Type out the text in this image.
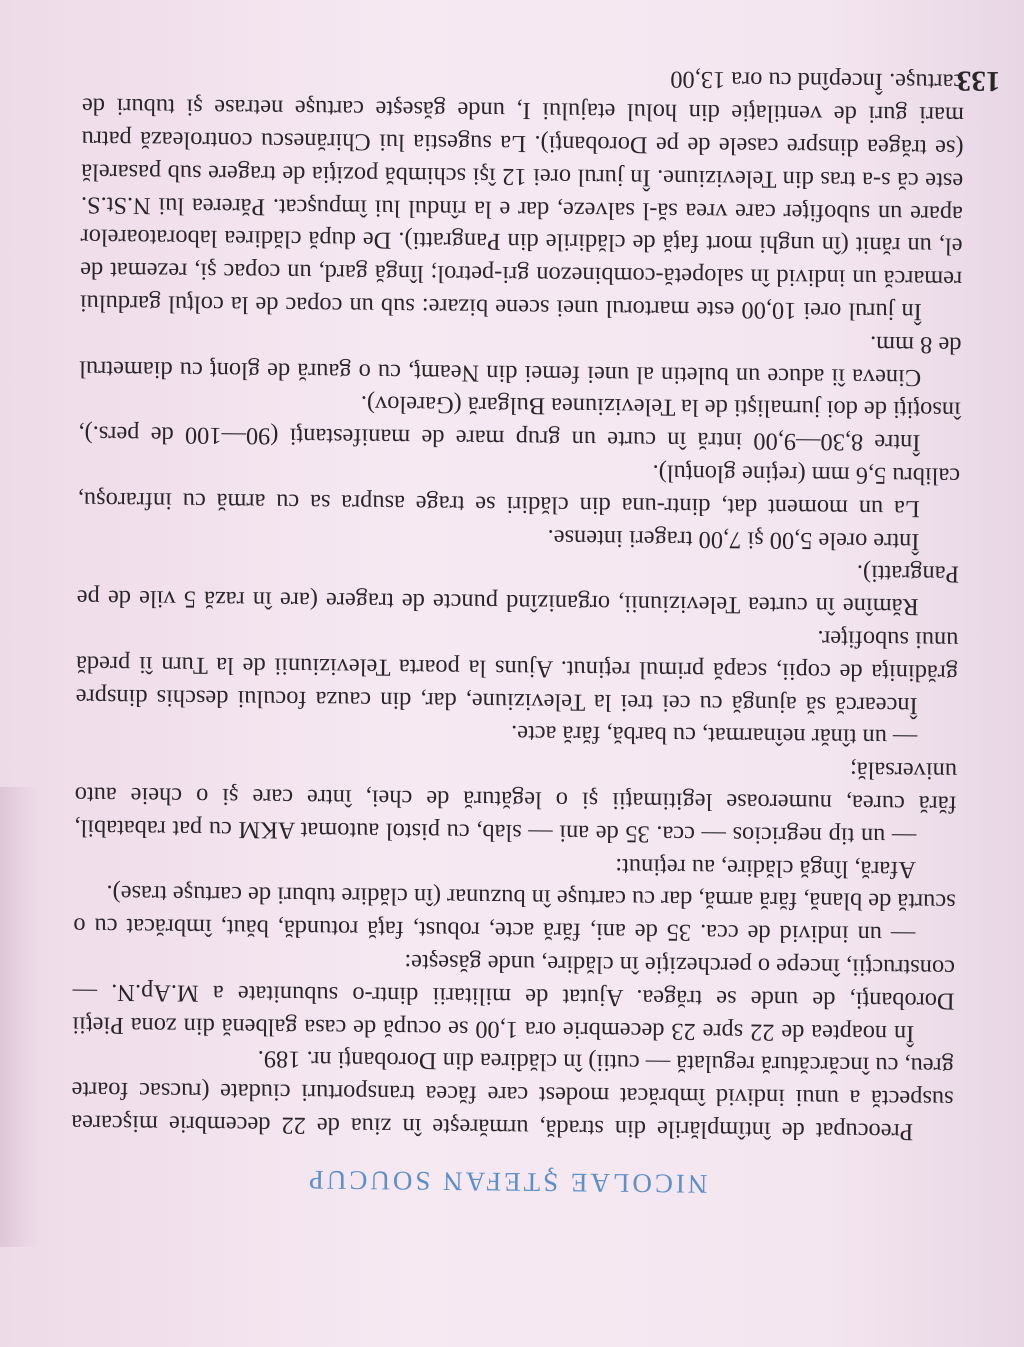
NICOLAE ŞTEFAN SOUCUP

Preocupat de întîmplările din stradă, urmăreşte în ziua de 22 decembrie mişcarea suspectă a unui individ îmbrăcat modest care făcea transporturi ciudate (rucsac foarte greu, cu încărcătură regulată — cutii) în clădirea din Dorobanţi nr. 189.

În noaptea de 22 spre 23 decembrie ora 1,00 se ocupă de casa galbenă din zona Pieţii Dorobanţi, de unde se trăgea. Ajutat de militarii dintr-o subunitate a M.Ap.N. — construcţii, începe o percheziţie în clădire, unde găseşte:

— un individ de cca. 35 de ani, fără acte, robust, faţă rotundă, băut, îmbrăcat cu o scurtă de blană, fără armă, dar cu cartuşe în buzunar (în clădire tuburi de cartuşe trase).

Afară, lîngă clădire, au reţinut:

— un tip negricios — cca. 35 de ani — slab, cu pistol automat AKM cu pat rabatabil, fără curea, numeroase legitimaţii şi o legătură de chei, între care şi o cheie auto universală;

— un tînăr neînarmat, cu barbă, fără acte.

Încearcă să ajungă cu cei trei la Televiziune, dar, din cauza focului deschis dinspre grădiniţa de copii, scapă primul reţinut. Ajuns la poarta Televiziunii de la Turn îi predă unui subofiţer.

Rămîne în curtea Televiziunii, organizînd puncte de tragere (are în rază 5 vile de pe Pangratti).

Între orele 5,00 şi 7,00 trageri intense.

La un moment dat, dintr-una din clădiri se trage asupra sa cu armă cu infraroşu, calibru 5,6 mm (reţine glonţul).

Între 8,30—9,00 intră în curte un grup mare de manifestanţi (90—100 de pers.), însoţiţi de doi jurnalişti de la Televiziunea Bulgară (Garelov).

Cineva îi aduce un buletin al unei femei din Neamţ, cu o gaură de glonţ cu diametrul de 8 mm.

În jurul orei 10,00 este martorul unei scene bizare: sub un copac de la colţul gardului remarcă un individ în salopetă-combinezon gri-petrol; lîngă gard, un copac şi, rezemat de el, un rănit (în unghi mort faţă de clădirile din Pangratti). De după clădirea laboratoarelor apare un subofiţer care vrea să-l salveze, dar e la rîndul lui împuşcat. Părerea lui N.St.S. este că s-a tras din Televiziune. În jurul orei 12 îşi schimbă poziţia de tragere sub pasarelă (se trăgea dinspre casele de pe Dorobanţi). La sugestia lui Chirănescu controlează patru mari guri de ventilaţie din holul etajului I, unde găseşte cartuşe netrase şi tuburi de cartuşe. Începînd cu ora 13,00

133
